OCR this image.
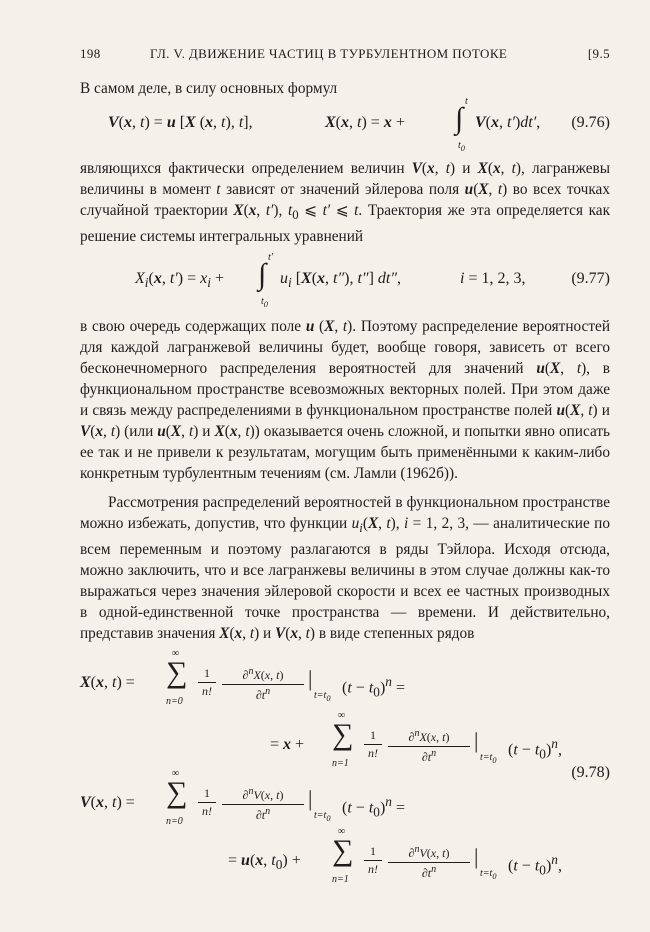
198	ГЛ. V. ДВИЖЕНИЕ ЧАСТИЦ В ТУРБУЛЕНТНОМ ПОТОКЕ	[9.5

В самом деле, в силу основных формул

V(x, t) = u [X (x, t), t],	X(x, t) = x + ∫
t
$t_0$
V(x, t′)dt′, (9.76)

являющихся фактически определением величин V(x, t) и X(x, t), лагранжевы величины в момент t зависят от значений эйлерова поля u(X, t) во всех точках случайной траектории X(x, t′), $t_0$ ⩽ t′ ⩽ t. Траектория же эта определяется как решение системы интегральных уравнений

$X_i(x$, $t') = x_i$ + ∫
t′
$t_0$
$u_i$ [X(x, t″), t″] dt″,	i = 1, 2, 3,	(9.77)

в свою очередь содержащих поле u (X, t). Поэтому распределение вероятностей для каждой лагранжевой величины будет, вообще говоря, зависеть от всего бесконечномерного распределения вероятностей для значений u(X, t), в функциональном пространстве всевозможных векторных полей. При этом даже и связь между распределениями в функциональном пространстве полей u(X, t) и V(x, t) (или u(X, t) и X(x, t)) оказывается очень сложной, и попытки явно описать ее так и не привели к результатам, могущим быть применёнными к каким-либо конкретным турбулентным течениям (см. Ламли (1962б)).

Рассмотрения распределений вероятностей в функциональном пространстве можно избежать, допустив, что функции $u_i(X$, t), i = 1, 2, 3, — аналитические по всем переменным и поэтому разлагаются в ряды Тэйлора. Исходя отсюда, можно заключить, что и все лагранжевы величины в этом случае должны как-то выражаться через значения эйлеровой скорости и всех ее частных производных в одной-единственной точке пространства — времени. И действительно, представив значения X(x, t) и V(x, t) в виде степенных рядов

X(x, t) = ∑
∞
n=0
1
n!
∂$^n$X(x, t)
$\partial t^n$
|
$t=t_0$
$(t - t_0)^n$ =
= x + ∑
∞
n=1
1
n!
∂$^n$X(x, t)
$\partial t^n$
|
$t=t_0$
$(t - t_0)^n$,
(9.78)
V(x, t) = ∑
∞
n=0
1
n!
∂$^n$V(x, t)
$\partial t^n$
|
$t=t_0$
$(t - t_0)^n$ =
= u(x, $t_0$) + ∑
∞
n=1
1
n!
∂$^n$V(x, t)
$\partial t^n$
|
$t=t_0$
$(t - t_0)^n$,
